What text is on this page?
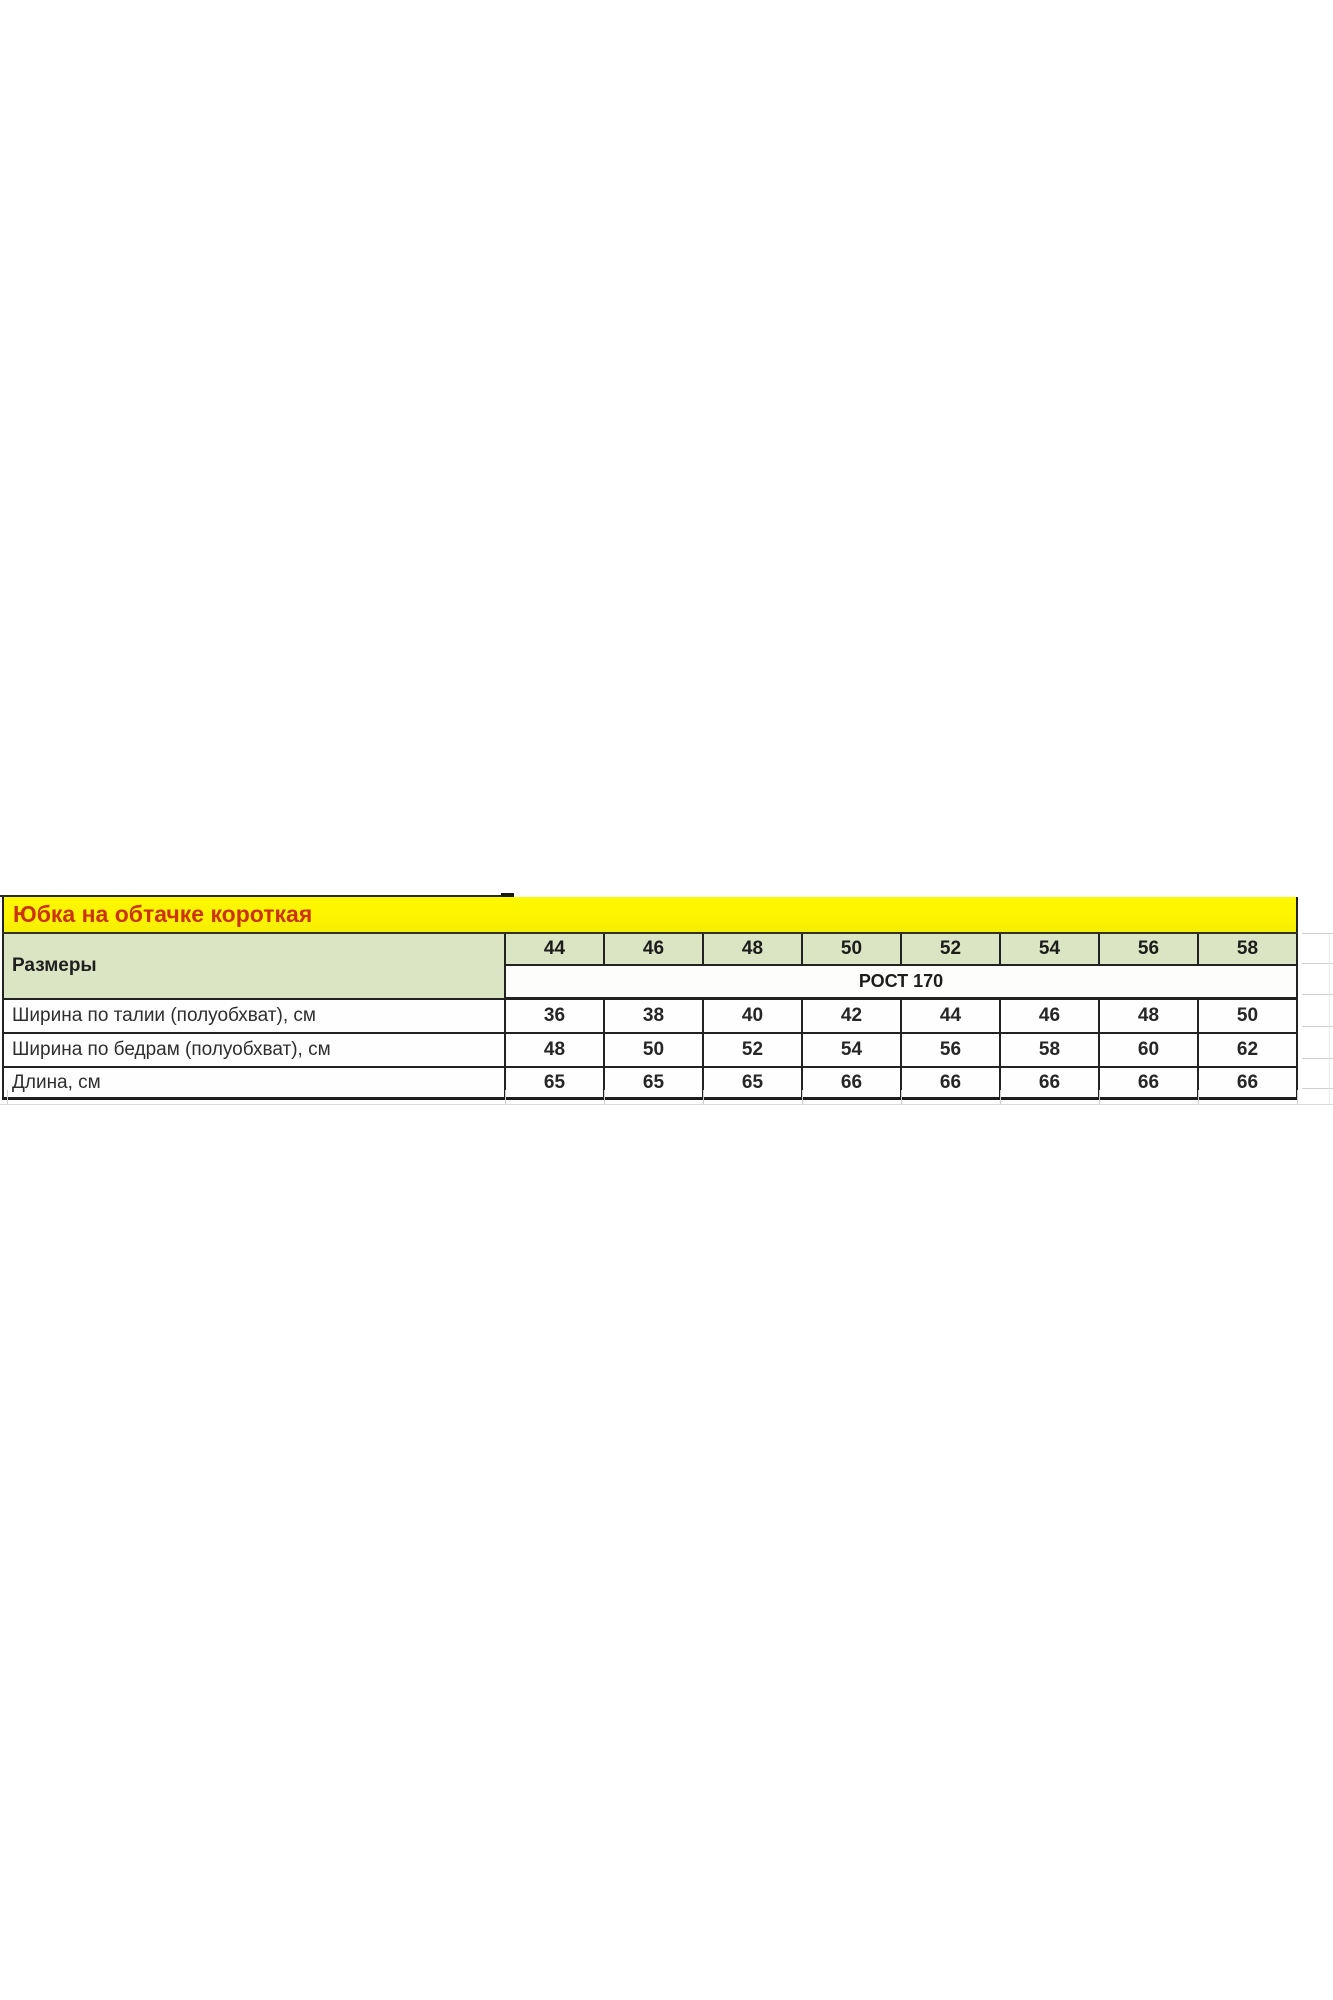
Юбка на обтачке короткая								
Размеры	44	46	48	50	52	54	56	58
	РОСТ 170							
Ширина по талии (полуобхват), см	36	38	40	42	44	46	48	50
Ширина по бедрам (полуобхват), см	48	50	52	54	56	58	60	62
Длина, см	65	65	65	66	66	66	66	66
